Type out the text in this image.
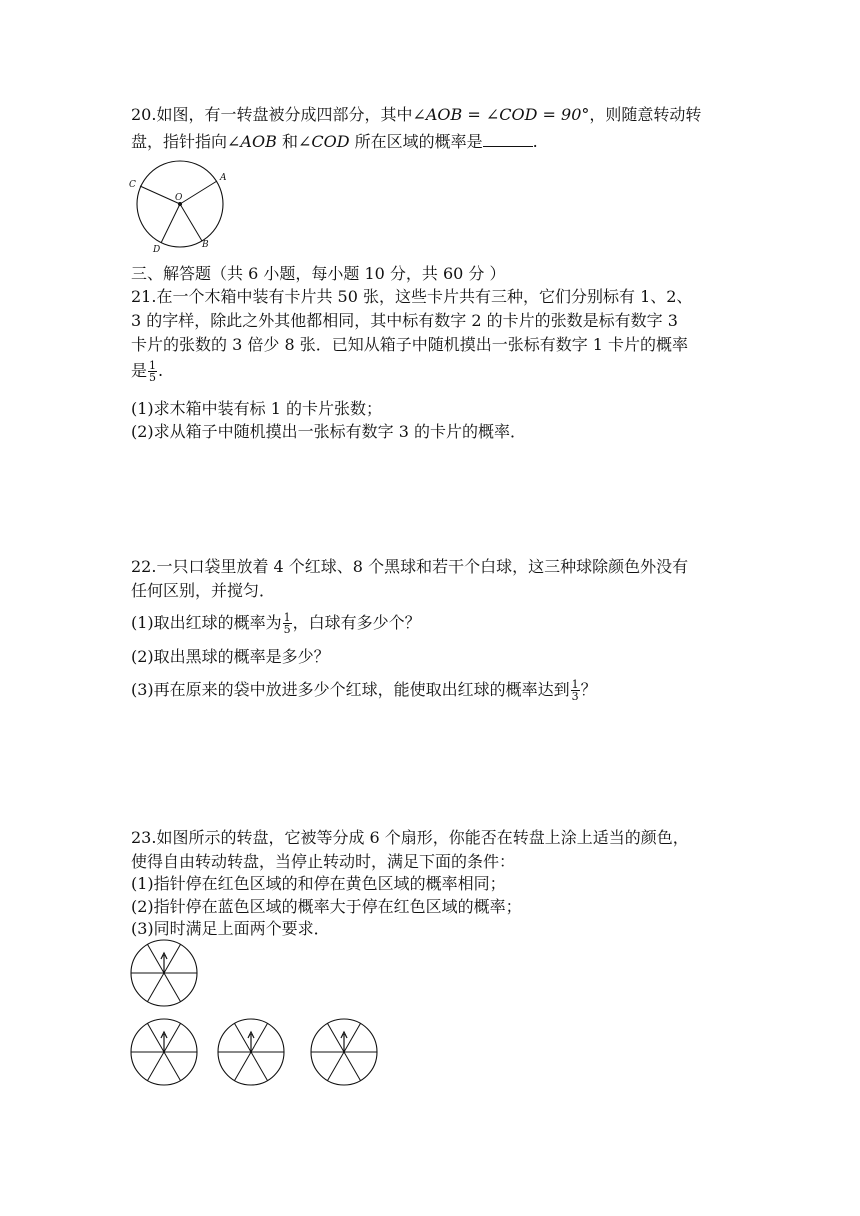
20.如图，有一转盘被分成四部分，其中∠AOB = ∠COD = 90°，则随意转动转
盘，指针指向∠AOB 和∠COD 所在区域的概率是	.
C
O
A
D	B
三、解答题（共 6 小题，每小题 10 分，共 60 分 ）
21.在一个木箱中装有卡片共 50 张，这些卡片共有三种，它们分别标有 1、2、
3 的字样，除此之外其他都相同，其中标有数字 2 的卡片的张数是标有数字 3
卡片的张数的 3 倍少 8 张．已知从箱子中随机摸出一张标有数字 1 卡片的概率
是 $\frac{1}{5}$ .
(1)求木箱中装有标 1 的卡片张数；
(2)求从箱子中随机摸出一张标有数字 3 的卡片的概率．
22.一只口袋里放着 4 个红球、8 个黑球和若干个白球，这三种球除颜色外没有
任何区别，并搅匀．
(1)取出红球的概率为 $\frac{1}{5}$ ，白球有多少个？
(2)取出黑球的概率是多少？
(3)再在原来的袋中放进多少个红球，能使取出红球的概率达到 $\frac{1}{3}$ ？
23.如图所示的转盘，它被等分成 6 个扇形，你能否在转盘上涂上适当的颜色，
使得自由转动转盘，当停止转动时，满足下面的条件：
(1)指针停在红色区域的和停在黄色区域的概率相同；
(2)指针停在蓝色区域的概率大于停在红色区域的概率；
(3)同时满足上面两个要求．
